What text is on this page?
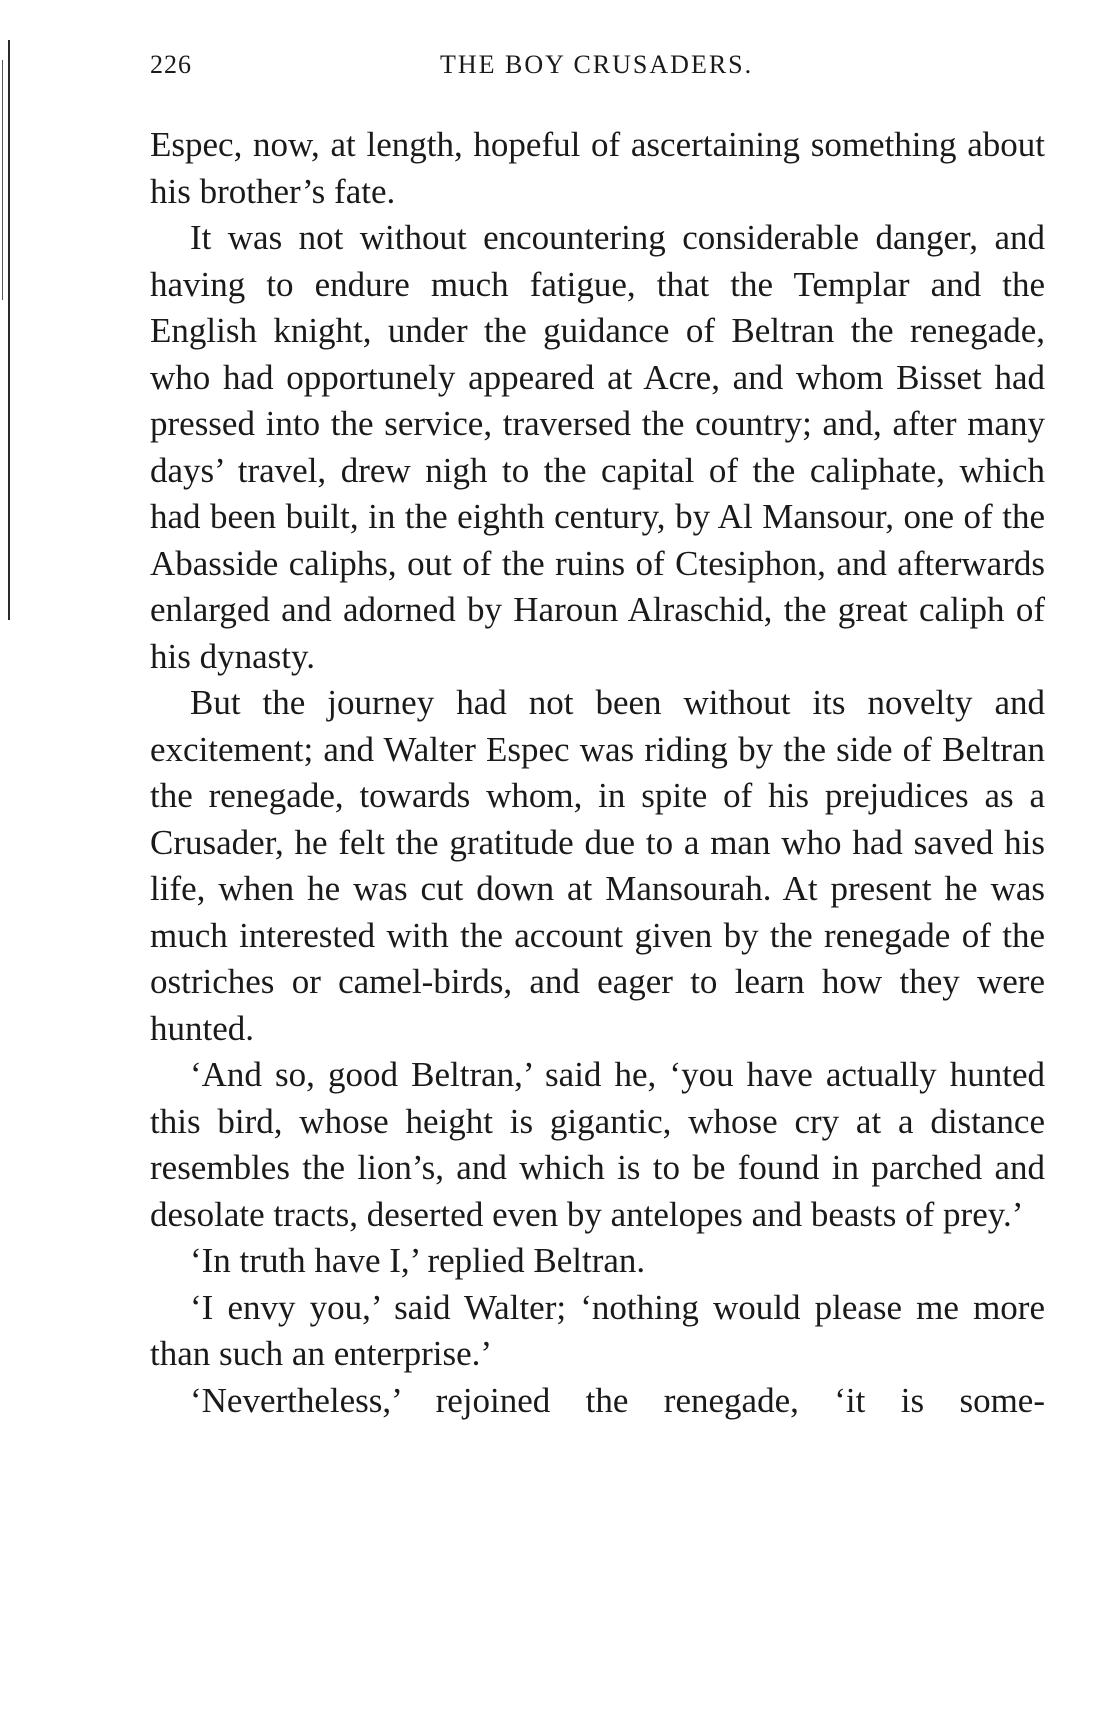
226	THE BOY CRUSADERS.

Espec, now, at length, hopeful of ascertaining something about his brother’s fate.

It was not without encountering considerable danger, and having to endure much fatigue, that the Templar and the English knight, under the guidance of Beltran the renegade, who had opportunely appeared at Acre, and whom Bisset had pressed into the service, traversed the country; and, after many days’ travel, drew nigh to the capital of the caliphate, which had been built, in the eighth century, by Al Mansour, one of the Abasside caliphs, out of the ruins of Ctesiphon, and afterwards enlarged and adorned by Haroun Alraschid, the great caliph of his dynasty.

But the journey had not been without its novelty and excitement; and Walter Espec was riding by the side of Beltran the renegade, towards whom, in spite of his prejudices as a Crusader, he felt the gratitude due to a man who had saved his life, when he was cut down at Mansourah. At present he was much interested with the account given by the renegade of the ostriches or camel-birds, and eager to learn how they were hunted.

‘And so, good Beltran,’ said he, ‘you have actually hunted this bird, whose height is gigantic, whose cry at a distance resembles the lion’s, and which is to be found in parched and desolate tracts, deserted even by antelopes and beasts of prey.’

‘In truth have I,’ replied Beltran.

‘I envy you,’ said Walter; ‘nothing would please me more than such an enterprise.’

‘Nevertheless,’ rejoined the renegade, ‘it is some-
